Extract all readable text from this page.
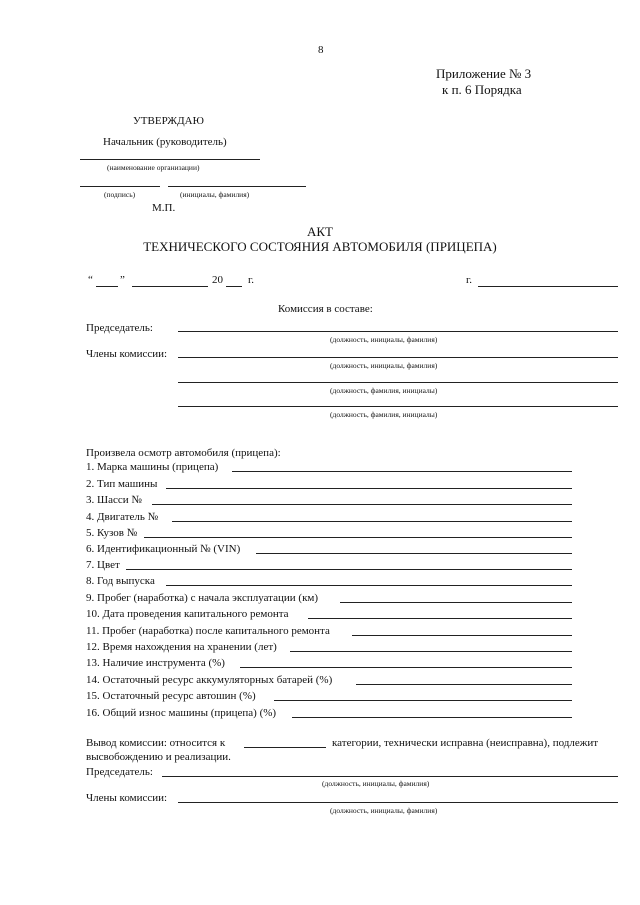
8
Приложение № 3
к п. 6 Порядка
УТВЕРЖДАЮ
Начальник (руководитель)
(наименование организации)
(подпись)	(инициалы, фамилия)
М.П.
АКТ
ТЕХНИЧЕСКОГО СОСТОЯНИЯ АВТОМОБИЛЯ (ПРИЦЕПА)
“ ”	20 г.	г.
Комиссия в составе:
Председатель:
(должность, инициалы, фамилия)
Члены комиссии:
(должность, инициалы, фамилия)
(должность, фамилия, инициалы)
(должность, фамилия, инициалы)
Произвела осмотр автомобиля (прицепа):
1. Марка машины (прицепа)
2. Тип машины
3. Шасси №
4. Двигатель №
5. Кузов №
6. Идентификационный № (VIN)
7. Цвет
8. Год выпуска
9. Пробег (наработка) с начала эксплуатации (км)
10. Дата проведения капитального ремонта
11. Пробег (наработка) после капитального ремонта
12. Время нахождения на хранении (лет)
13. Наличие инструмента (%)
14. Остаточный ресурс аккумуляторных батарей (%)
15. Остаточный ресурс автошин (%)
16. Общий износ машины (прицепа) (%)
Вывод комиссии: относится к	категории, технически исправна (неисправна), подлежит
высвобождению и реализации.
Председатель:
(должность, инициалы, фамилия)
Члены комиссии:
(должность, инициалы, фамилия)
